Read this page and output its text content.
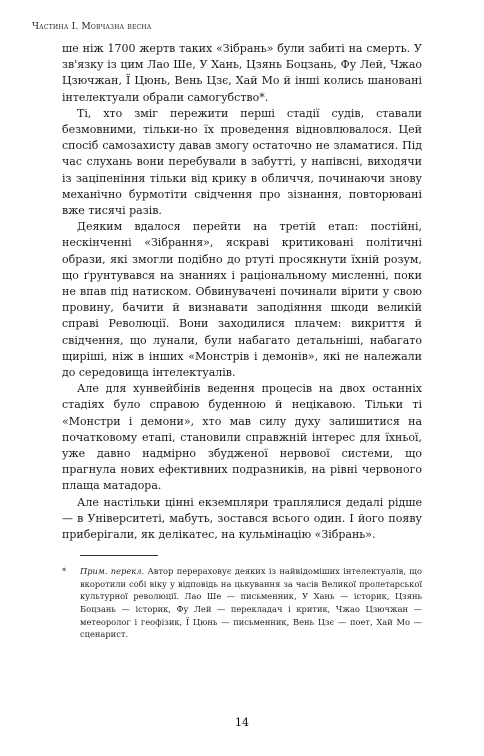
Частина І. Мовчазна весна

ше ніж 1700 жертв таких «Зібрань» були забиті на смерть. У зв'язку із цим Лао Ше, У Хань, Цзянь Боцзань, Фу Лей, Чжао Цзючжан, Ї Цюнь, Вень Цзє, Хай Мо й інші колись шановані інтелектуали обрали самогубство*.

Ті, хто зміг пережити перші стадії судів, ставали безмовними, тільки-но їх проведення відновлювалося. Цей спосіб самозахисту давав змогу остаточно не зламатися. Під час слухань вони перебували в забутті, у напівсні, виходячи із заціпеніння тільки від крику в обличчя, починаючи знову механічно бурмотіти свідчення про зізнання, повторювані вже тисячі разів.

Деяким вдалося перейти на третій етап: постійні, нескінченні «Зібрання», яскраві критиковані політичні образи, які змогли подібно до ртуті просякнути їхній розум, що ґрунтувався на знаннях і раціональному мисленні, поки не впав під натиском. Обвинувачені починали вірити у свою провину, бачити й визнавати заподіяння шкоди великій справі Революції. Вони заходилися плачем: викриття й свідчення, що лунали, були набагато детальніші, набагато щиріші, ніж в інших «Монстрів і демонів», які не належали до середовища інтелектуалів.

Але для хунвейбінів ведення процесів на двох останніх стадіях було справою буденною й нецікавою. Тільки ті «Монстри і демони», хто мав силу духу залишитися на початковому етапі, становили справжній інтерес для їхньої, уже давно надмірно збудженої нервової системи, що прагнула нових ефективних подразників, на рівні червоного плаща матадора.

Але настільки цінні екземпляри траплялися дедалі рідше — в Університеті, мабуть, зостався всього один. І його появу приберігали, як делікатес, на кульмінацію «Зібрань».

* Прим. перекл. Автор перераховує деяких із найвідоміших інтелектуалів, що вкоротили собі віку у відповідь на цькування за часів Великої пролетарської культурної революції. Лао Ше — письменник, У Хань — історик, Цзянь Боцзань — історик, Фу Лей — перекладач і критик, Чжао Цзючжан — метеоролог і геофізик, Ї Цюнь — письменник, Вень Цзє — поет, Хай Мо — сценарист.
14
